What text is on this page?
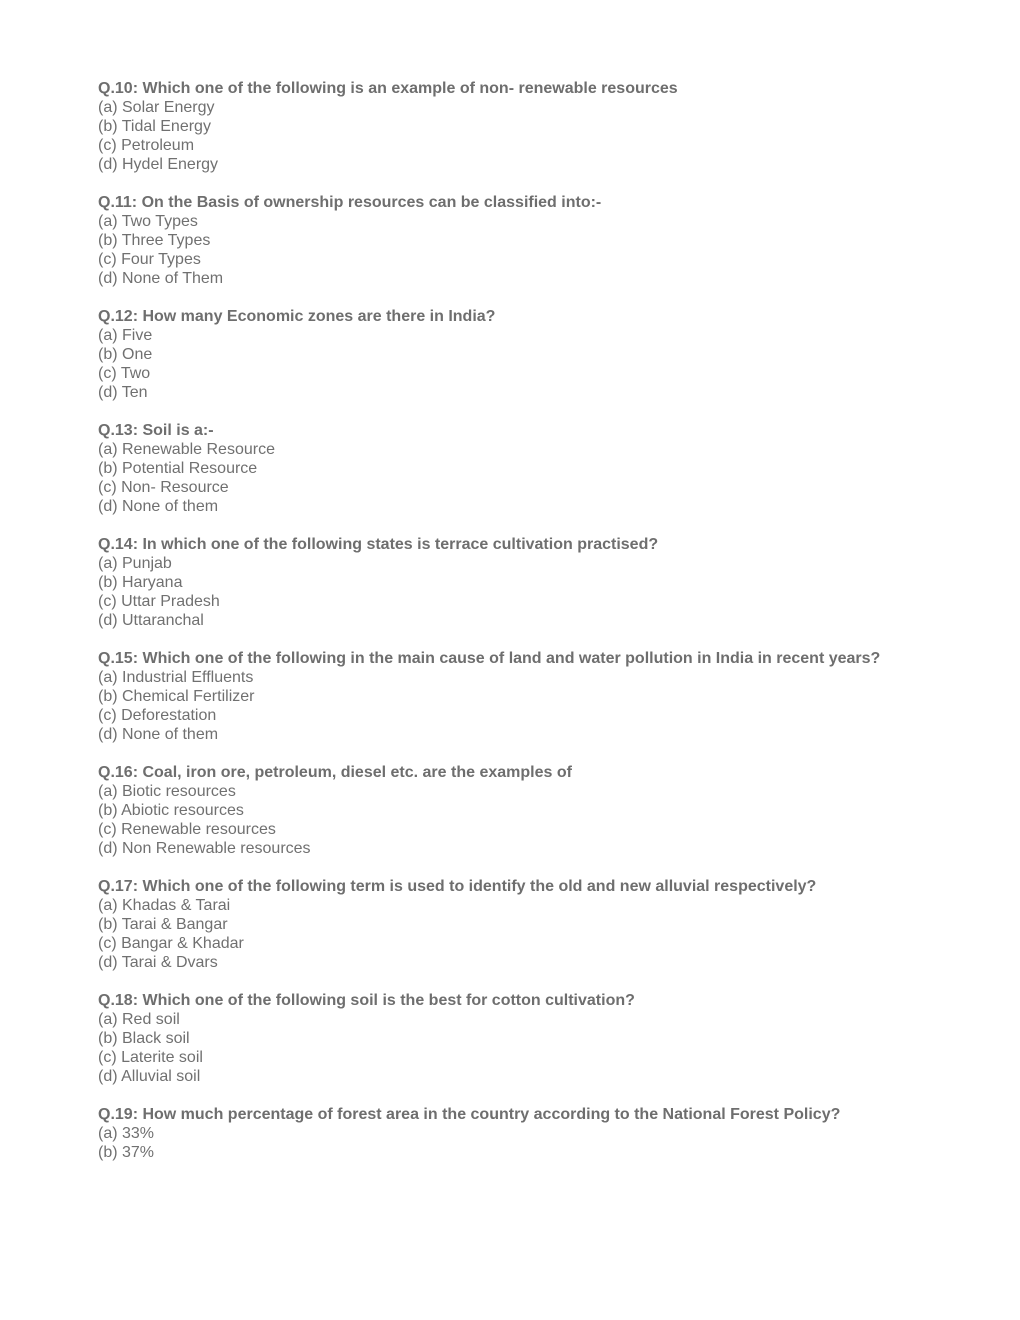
Q.10: Which one of the following is an example of non- renewable resources
(a) Solar Energy
(b) Tidal Energy
(c) Petroleum
(d) Hydel Energy
Q.11: On the Basis of ownership resources can be classified into:-
(a) Two Types
(b) Three Types
(c) Four Types
(d) None of Them
Q.12: How many Economic zones are there in India?
(a) Five
(b) One
(c) Two
(d) Ten
Q.13: Soil is a:-
(a) Renewable Resource
(b) Potential Resource
(c) Non- Resource
(d) None of them
Q.14: In which one of the following states is terrace cultivation practised?
(a) Punjab
(b) Haryana
(c) Uttar Pradesh
(d) Uttaranchal
Q.15: Which one of the following in the main cause of land and water pollution in India in recent years?
(a) Industrial Effluents
(b) Chemical Fertilizer
(c) Deforestation
(d) None of them
Q.16: Coal, iron ore, petroleum, diesel etc. are the examples of
(a) Biotic resources
(b) Abiotic resources
(c) Renewable resources
(d) Non Renewable resources
Q.17: Which one of the following term is used to identify the old and new alluvial respectively?
(a) Khadas & Tarai
(b) Tarai & Bangar
(c) Bangar & Khadar
(d) Tarai & Dvars
Q.18: Which one of the following soil is the best for cotton cultivation?
(a) Red soil
(b) Black soil
(c) Laterite soil
(d) Alluvial soil
Q.19: How much percentage of forest area in the country according to the National Forest Policy?
(a) 33%
(b) 37%
